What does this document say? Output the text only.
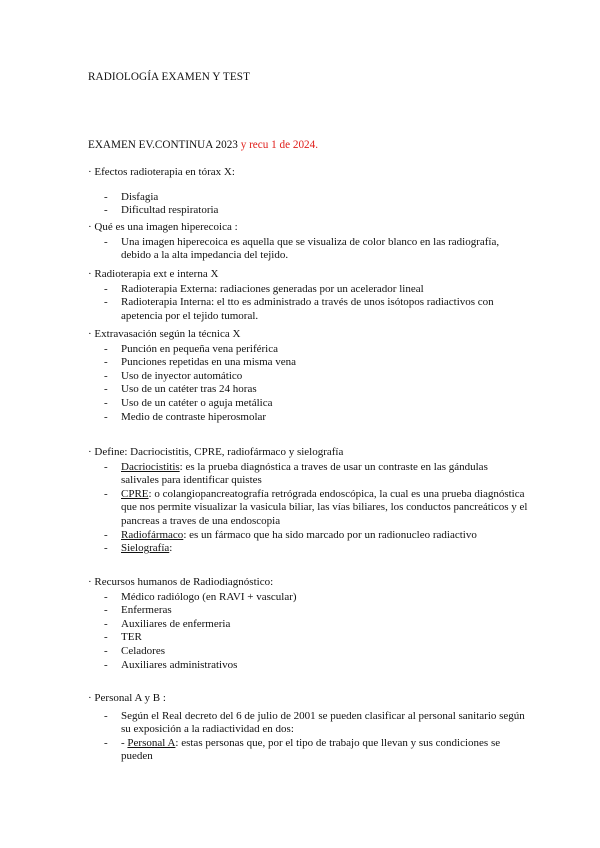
RADIOLOGÍA EXAMEN Y TEST
EXAMEN EV.CONTINUA 2023 y recu 1 de 2024.
· Efectos radioterapia en tórax X:
- Disfagia
- Dificultad respiratoria
· Qué es una imagen hiperecoica :
- Una imagen hiperecoica es aquella que se visualiza de color blanco en las radiografía, debido a la alta impedancia del tejido.
· Radioterapia ext e interna X
- Radioterapia Externa: radiaciones generadas por un acelerador lineal
- Radioterapia Interna: el tto es administrado a través de unos isótopos radiactivos con apetencia por el tejido tumoral.
· Extravasación según la técnica X
- Punción en pequeña vena periférica
- Punciones repetidas en una misma vena
- Uso de inyector automático
- Uso de un catéter tras 24 horas
- Uso de un catéter o aguja metálica
- Medio de contraste hiperosmolar
· Define: Dacriocistitis, CPRE, radiofármaco y sielografía
- Dacriocistitis: es la prueba diagnóstica a traves de usar un contraste en las gándulas salivales para identificar quistes
- CPRE: o colangiopancreatografía retrógrada endoscópica, la cual es una prueba diagnóstica que nos permite visualizar la vasicula biliar, las vías biliares, los conductos pancreáticos y el pancreas a traves de una endoscopia
- Radiofármaco: es un fármaco que ha sido marcado por un radionucleo radiactivo
- Sielografía:
· Recursos humanos de Radiodiagnóstico:
- Médico radiólogo (en RAVI + vascular)
- Enfermeras
- Auxiliares de enfermeria
- TER
- Celadores
- Auxiliares administrativos
· Personal A y B :
- Según el Real decreto del 6 de julio de 2001 se pueden clasificar al personal sanitario según su exposición a la radiactividad en dos:
- - Personal A: estas personas que, por el tipo de trabajo que llevan y sus condiciones se pueden
